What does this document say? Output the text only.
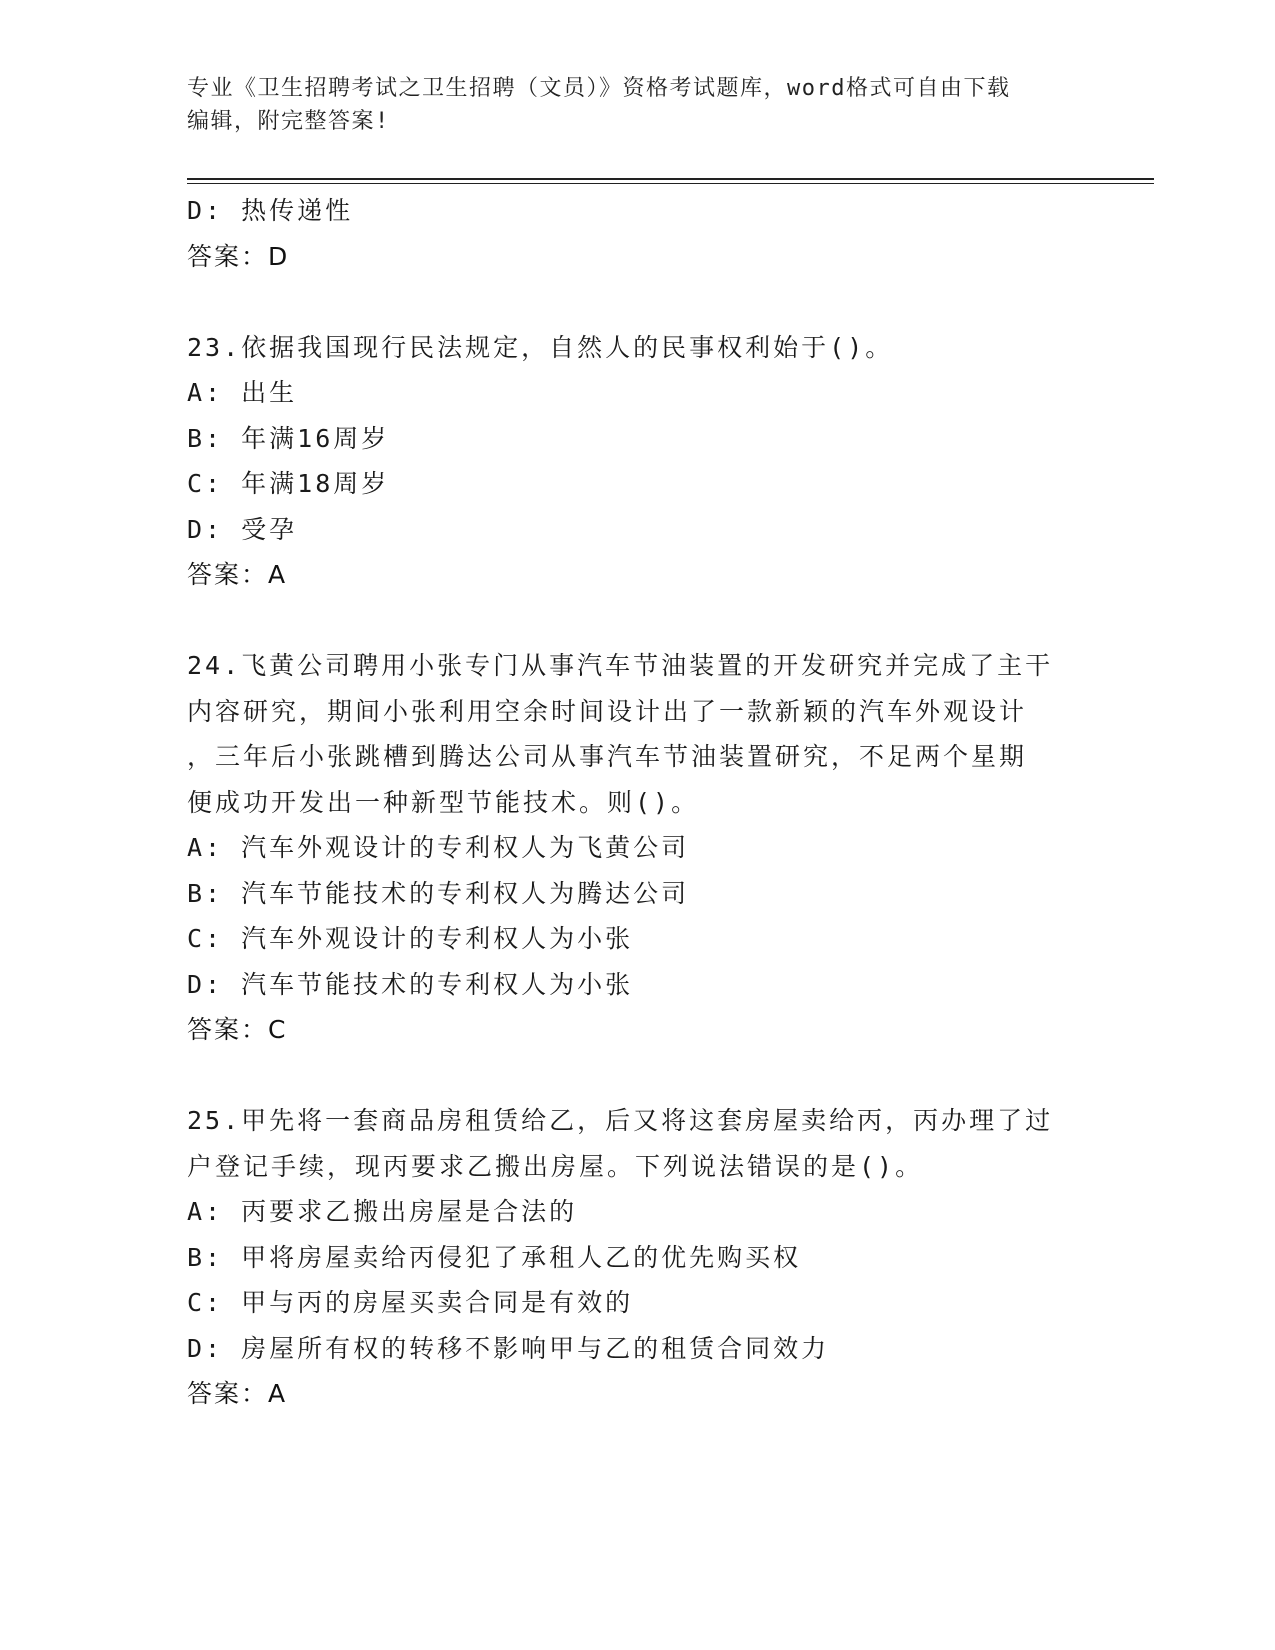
专业《卫生招聘考试之卫生招聘（文员）》资格考试题库，word格式可自由下载
编辑，附完整答案!
D: 热传递性
答案：D
23.依据我国现行民法规定，自然人的民事权利始于()。
A: 出生
B: 年满16周岁
C: 年满18周岁
D: 受孕
答案：A
24.飞黄公司聘用小张专门从事汽车节油装置的开发研究并完成了主干
内容研究，期间小张利用空余时间设计出了一款新颖的汽车外观设计
，三年后小张跳槽到腾达公司从事汽车节油装置研究，不足两个星期
便成功开发出一种新型节能技术。则()。
A: 汽车外观设计的专利权人为飞黄公司
B: 汽车节能技术的专利权人为腾达公司
C: 汽车外观设计的专利权人为小张
D: 汽车节能技术的专利权人为小张
答案：C
25.甲先将一套商品房租赁给乙，后又将这套房屋卖给丙，丙办理了过
户登记手续，现丙要求乙搬出房屋。下列说法错误的是()。
A: 丙要求乙搬出房屋是合法的
B: 甲将房屋卖给丙侵犯了承租人乙的优先购买权
C: 甲与丙的房屋买卖合同是有效的
D: 房屋所有权的转移不影响甲与乙的租赁合同效力
答案：A
